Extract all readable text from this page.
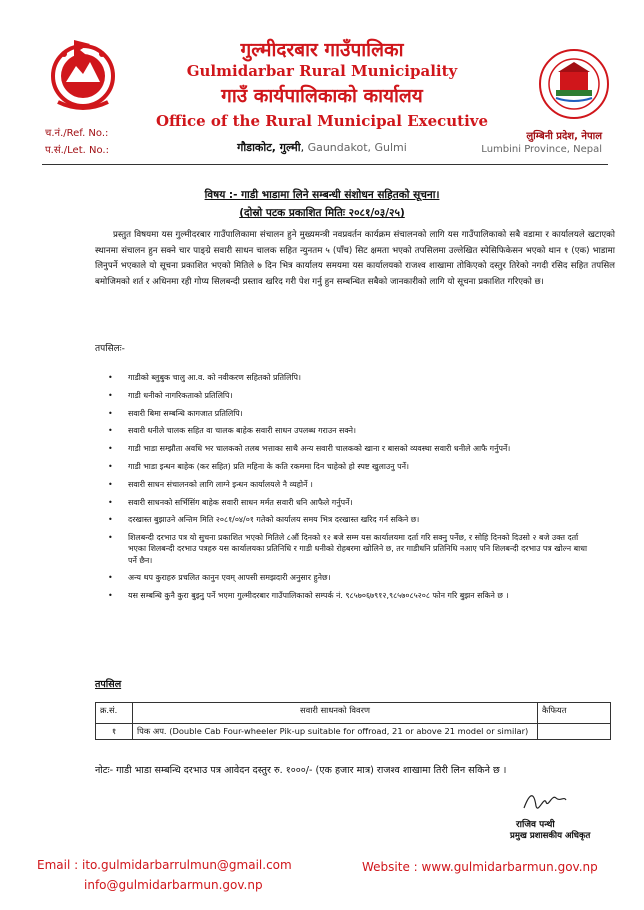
गुल्मीदरबार गाउँपालिका
Gulmidarbar Rural Municipality
गाउँ कार्यपालिकाको कार्यालय
Office of the Rural Municipal Executive
गौडाकोट, गुल्मी, Gaundakot, Gulmi
च.नं./Ref. No.:
प.सं./Let. No.:
लुम्बिनी प्रदेश, नेपाल
Lumbini Province, Nepal
विषय :- गाडी भाडामा लिने सम्बन्धी संशोधन सहितको सूचना।
(दोस्रो पटक प्रकाशित मितिः २०८१/०३/२५)
प्रस्तुत विषयमा यस गुल्मीदरबार गाउँपालिकामा संचालन हुने मुख्यमन्त्री नवप्रवर्तन कार्यक्रम संचालनको लागि यस गाउँपालिकाको सबै वडामा र कार्यालयले खटाएको स्थानमा संचालन हुन सक्ने चार पाङ्ग्रे सवारी साधन चालक सहित न्युनतम ५ (पाँच) सिट क्षमता भएको तपसिलमा उल्लेखित स्पेसिफिकेसन भएको थान १ (एक) भाडामा लिनुपर्ने भएकाले यो सूचना प्रकाशित भएको मितिले ७ दिन भित्र कार्यालय समयमा यस कार्यालयको राजश्व शाखामा तोकिएको दस्तुर तिरेको नगदी रसिद सहित तपसिल बमोजिमको शर्त र अधिनमा रही गोप्य सिलबन्दी प्रस्ताव खरिद गरी पेश गर्नु हुन सम्बन्धित सबैको जानकारीको लागि यो सूचना प्रकाशित गरिएको छ।
तपसिलः-
• गाडीको ब्लुबुक चालु आ.व. को नवीकरण सहितको प्रतिलिपि।
• गाडी धनीको नागरिकताको प्रतिलिपि।
• सवारी बिमा सम्बन्धि कागजात प्रतिलिपि।
• सवारी धनीले चालक सहित वा चालक बाहेक सवारी साधन उपलब्ध गराउन सक्ने।
• गाडी भाडा सम्झौता अवधि भर चालकको तलब भत्ताका साथै अन्य सवारी चालकको खाना र बासको व्यवस्था सवारी धनीले आफै गर्नुपर्ने।
• गाडी भाडा इन्धन बाहेक (कर सहित) प्रति महिना के कति रकममा दिन चाहेको हो स्पष्ट खुलाउनु पर्ने।
• सवारी साधन संचालनको लागि लाग्ने इन्धन कार्यालयले नै व्यहोर्ने ।
• सवारी साधनको सर्भिसिंग बाहेक सवारी साधन मर्मत सवारी धनि आफैले गर्नुपर्ने।
• दरखास्त बुझाउने अन्तिम मिति २०८१/०४/०१ गतेको कार्यालय समय भित्र दरखास्त खरिद गर्न सकिने छ।
• शिलबन्दी दरभाउ पत्र यो सुचना प्रकाशित भएको मितिले ८औं दिनको १२ बजे सम्म यस कार्यालयमा दर्ता गरि सक्नु पर्नेछ, र सोहि दिनको दिउसो २ बजे उक्त दर्ता भएका शिलबन्दी दरभाउ पत्रहरु यस कार्यालयका प्रतिनिधि र गाडी धनीको रोहबरमा खोलिने छ, तर गाडीधनि प्रतिनिधि नआए पनि शिलबन्दी दरभाउ पत्र खोल्न बाधा पर्ने छैन।
• अन्य थप कुराहरु प्रचलित कानुन एवम् आपसी समझदारी अनुसार हुनेछ।
• यस सम्बन्धि कुनै कुरा बुझ्नु पर्ने भएमा गुल्मीदरबार गाउँपालिकाको सम्पर्क नं. ९८५७०६७९१२,९८५७०८५२०८ फोन गरि बुझन सकिने छ ।
तपसिल
क्र.सं.	सवारी साधनको विवरण	कैफियत
१	पिक अप. (Double Cab Four-wheeler Pik-up suitable for offroad, 21 or above 21 model or similar)	
नोटः- गाडी भाडा सम्बन्धि दरभाउ पत्र आवेदन दस्तुर रु. १०००/- (एक हजार मात्र) राजश्व शाखामा तिरी लिन सकिने छ ।
राजिव पन्थी
प्रमुख प्रशासकीय अधिकृत
Email : ito.gulmidarbarrulmun@gmail.com
info@gulmidarbarmun.gov.np
Website : www.gulmidarbarmun.gov.np
